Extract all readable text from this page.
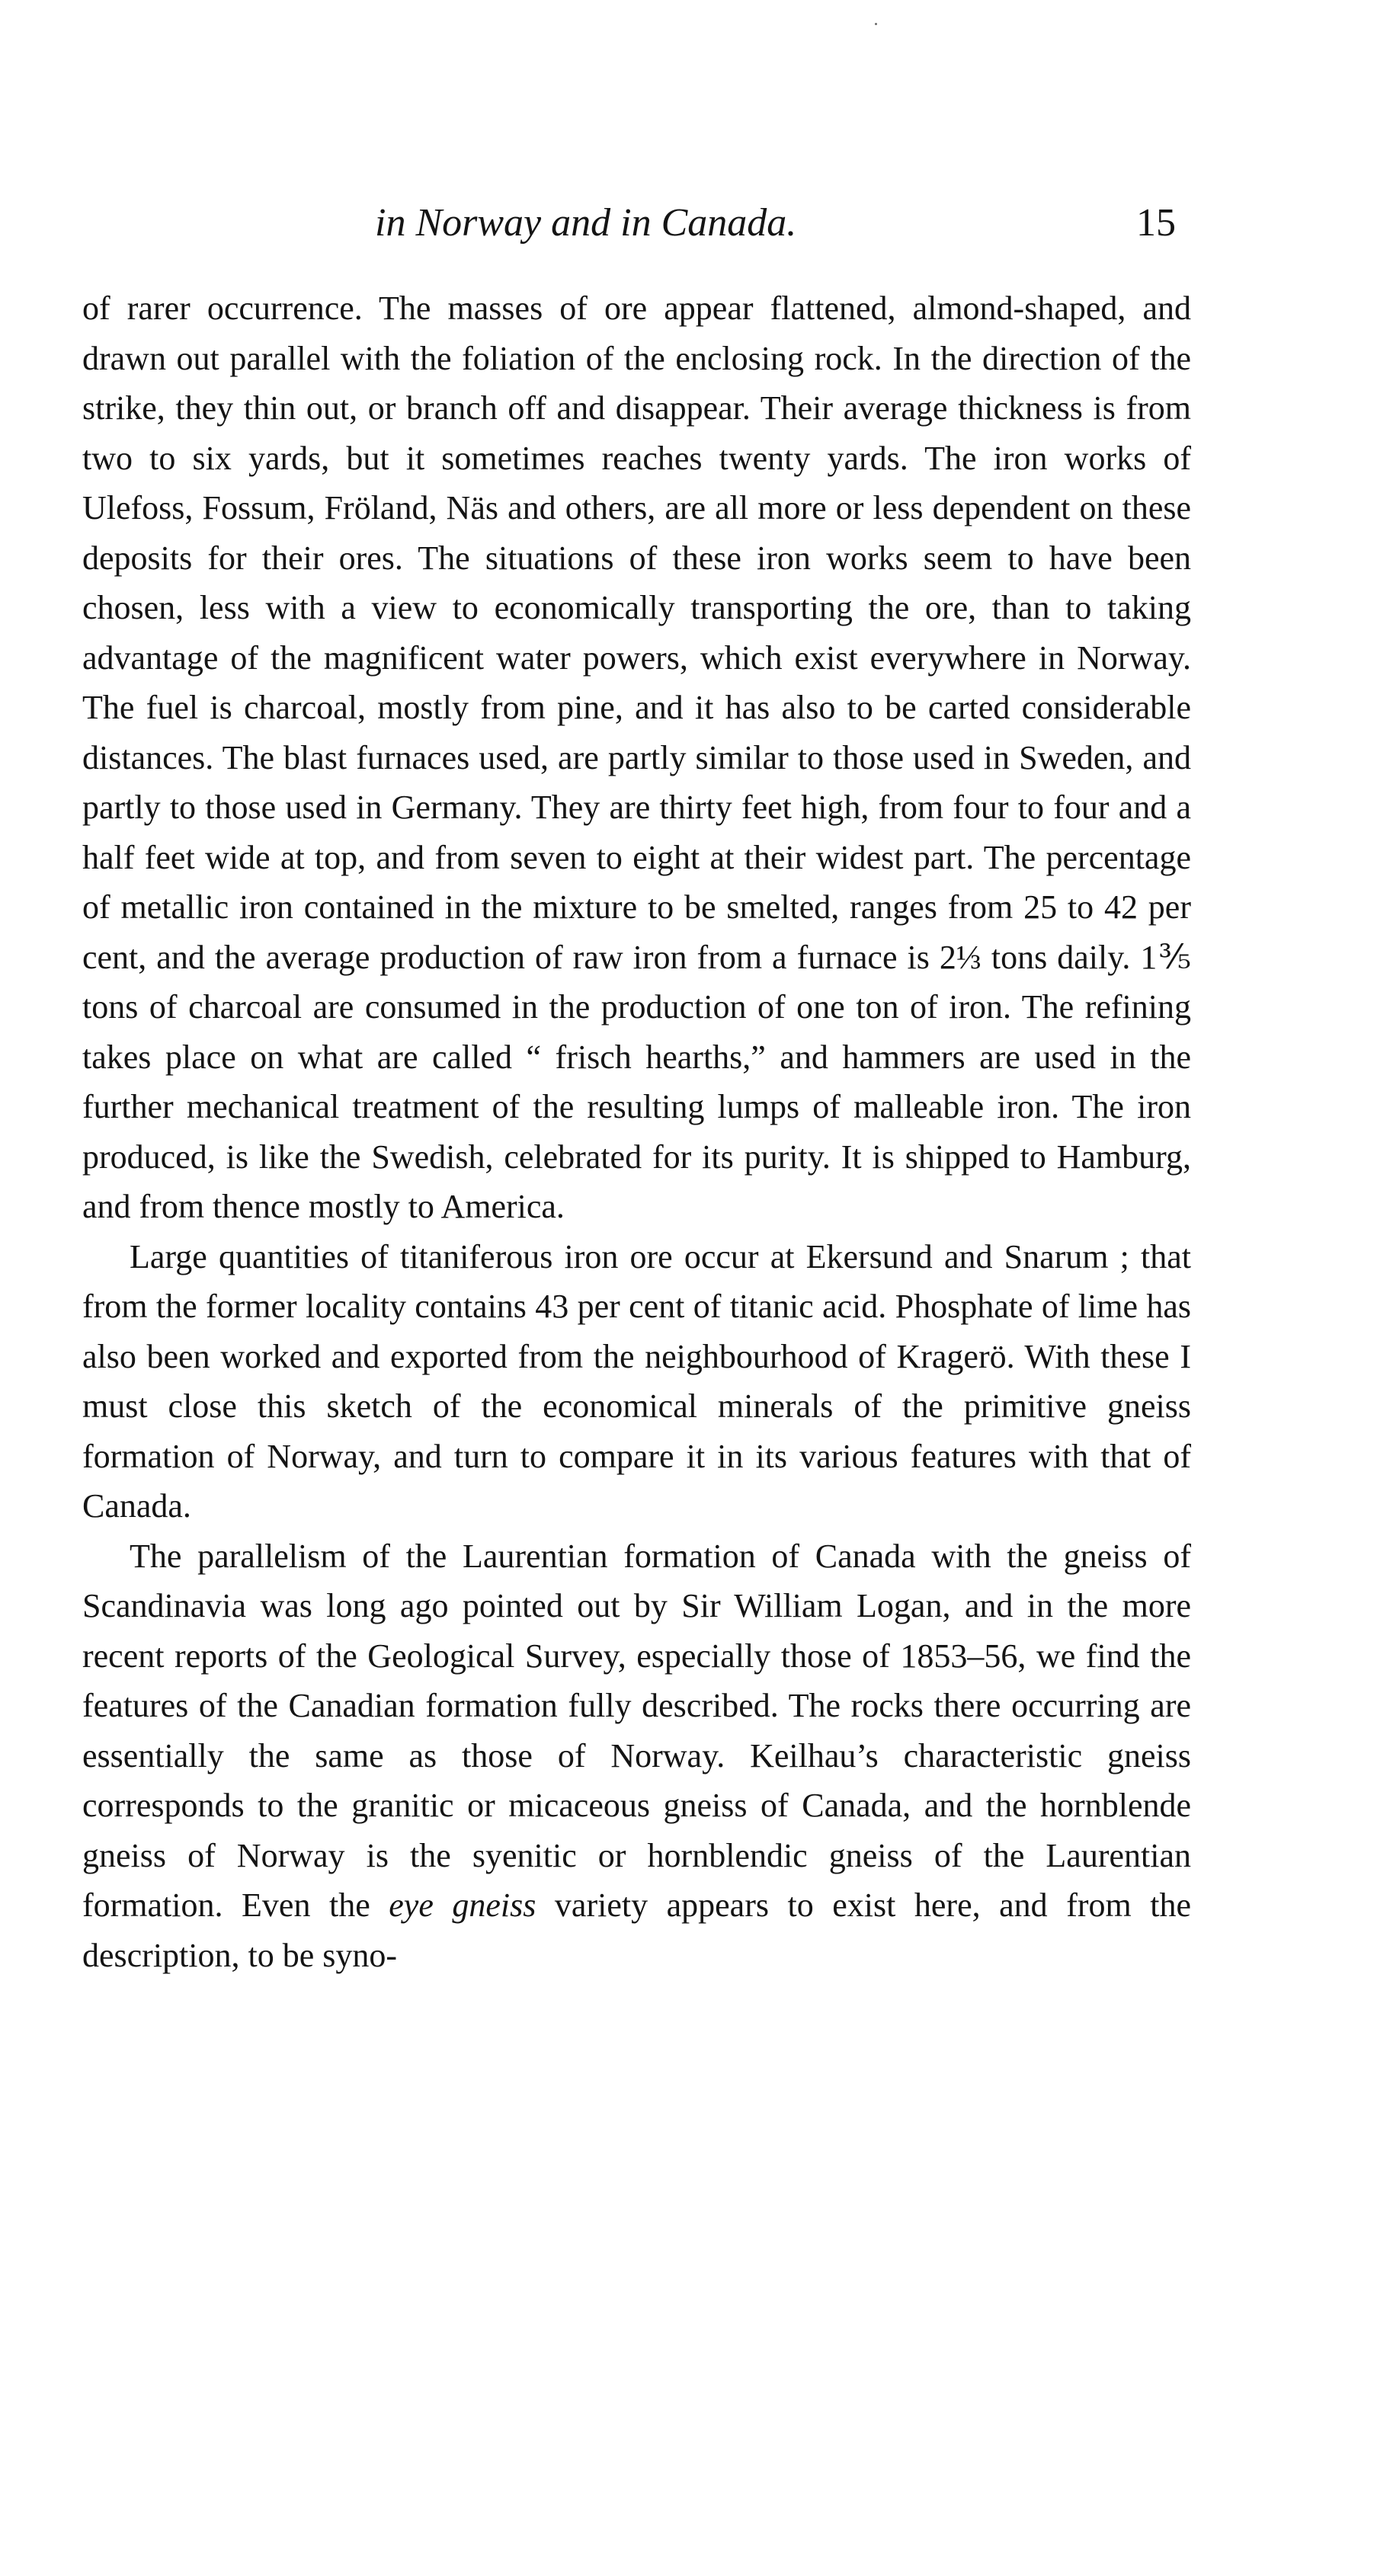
in Norway and in Canada.	15

of rarer occurrence. The masses of ore appear flattened, almond-shaped, and drawn out parallel with the foliation of the enclosing rock. In the direction of the strike, they thin out, or branch off and disappear. Their average thickness is from two to six yards, but it sometimes reaches twenty yards. The iron works of Ulefoss, Fossum, Fröland, Näs and others, are all more or less dependent on these deposits for their ores. The situations of these iron works seem to have been chosen, less with a view to economically transporting the ore, than to taking advantage of the magnificent water powers, which exist everywhere in Norway. The fuel is charcoal, mostly from pine, and it has also to be carted considerable distances. The blast furnaces used, are partly similar to those used in Sweden, and partly to those used in Germany. They are thirty feet high, from four to four and a half feet wide at top, and from seven to eight at their widest part. The percentage of metallic iron contained in the mixture to be smelted, ranges from 25 to 42 per cent, and the average production of raw iron from a furnace is 2⅓ tons daily. 1⅗ tons of charcoal are consumed in the production of one ton of iron. The refining takes place on what are called “ frisch hearths,” and hammers are used in the further mechanical treatment of the resulting lumps of malleable iron. The iron produced, is like the Swedish, celebrated for its purity. It is shipped to Hamburg, and from thence mostly to America.

Large quantities of titaniferous iron ore occur at Ekersund and Snarum ; that from the former locality contains 43 per cent of titanic acid. Phosphate of lime has also been worked and exported from the neighbourhood of Kragerö. With these I must close this sketch of the economical minerals of the primitive gneiss formation of Norway, and turn to compare it in its various features with that of Canada.

The parallelism of the Laurentian formation of Canada with the gneiss of Scandinavia was long ago pointed out by Sir William Logan, and in the more recent reports of the Geological Survey, especially those of 1853–56, we find the features of the Canadian formation fully described. The rocks there occurring are essentially the same as those of Norway. Keilhau’s characteristic gneiss corresponds to the granitic or micaceous gneiss of Canada, and the hornblende gneiss of Norway is the syenitic or hornblendic gneiss of the Laurentian formation. Even the eye gneiss variety appears to exist here, and from the description, to be syno-
